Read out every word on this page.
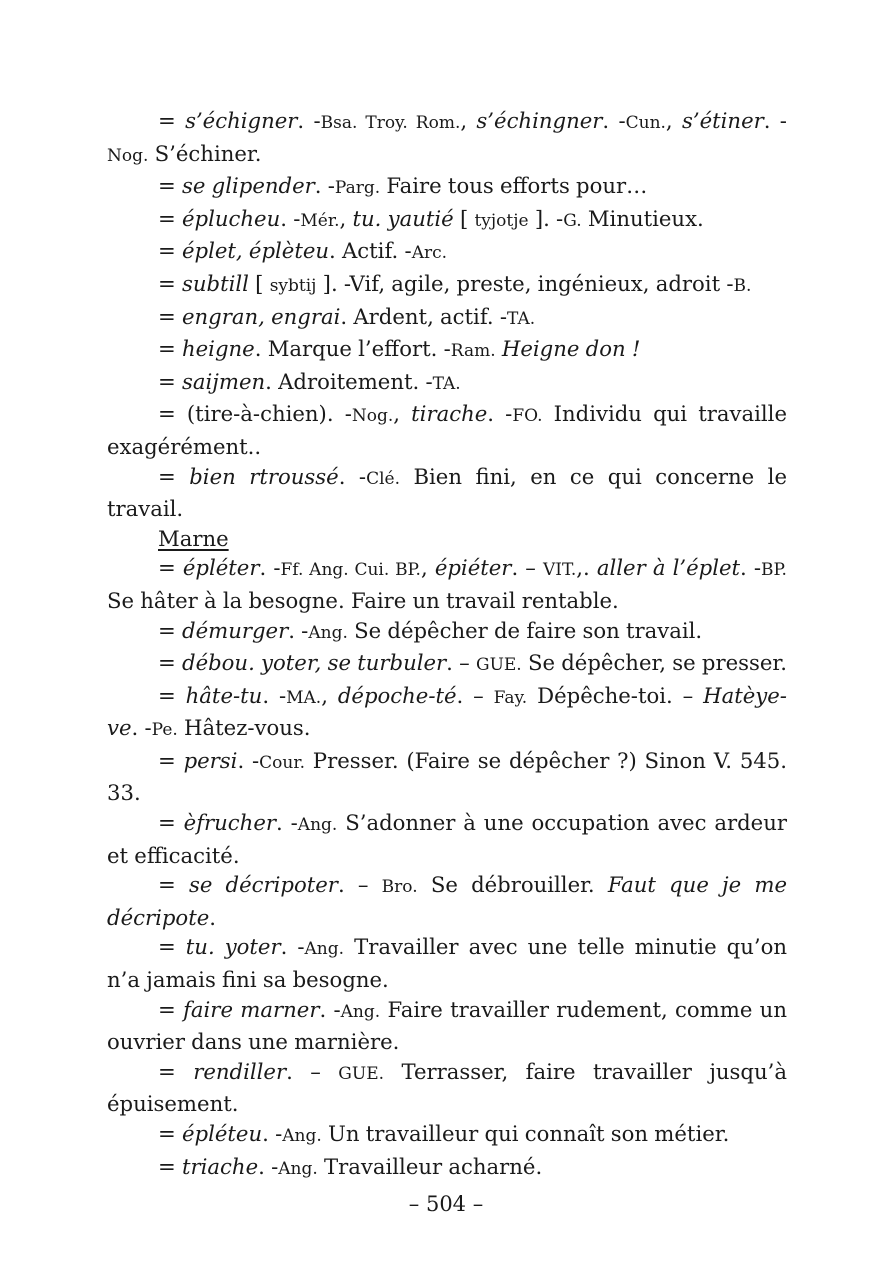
= s’échigner. -Bsa. Troy. Rom., s’échingner. -Cun., s’étiner. -Nog. S’échiner.

= se glipender. -Parg. Faire tous efforts pour…

= éplucheu. -Mér., tu. yautié [ tyjotje ]. -G. Minutieux.

= éplet, éplèteu. Actif. -Arc.

= subtill [ sybtij ]. -Vif, agile, preste, ingénieux, adroit -B.

= engran, engrai. Ardent, actif. -TA.

= heigne. Marque l’effort. -Ram. Heigne don !

= saijmen. Adroitement. -TA.

= (tire-à-chien). -Nog., tirache. -FO. Individu qui travaille exagérément..

= bien rtroussé. -Clé. Bien fini, en ce qui concerne le travail.

Marne

= épléter. -Ff. Ang. Cui. BP., épiéter. – VIT.,. aller à l’éplet. -BP. Se hâter à la besogne. Faire un travail rentable.

= démurger. -Ang. Se dépêcher de faire son travail.

= débou. yoter, se turbuler. – GUE. Se dépêcher, se presser.

= hâte-tu. -MA., dépoche-té. – Fay. Dépêche-toi. – Hatèye-ve. -Pe. Hâtez-vous.

= persi. -Cour. Presser. (Faire se dépêcher ?) Sinon V. 545. 33.

= èfrucher. -Ang. S’adonner à une occupation avec ardeur et efficacité.

= se décripoter. – Bro. Se débrouiller. Faut que je me décripote.

= tu. yoter. -Ang. Travailler avec une telle minutie qu’on n’a jamais fini sa besogne.

= faire marner. -Ang. Faire travailler rudement, comme un ouvrier dans une marnière.

= rendiller. – GUE. Terrasser, faire travailler jusqu’à épuisement.

= épléteu. -Ang. Un travailleur qui connaît son métier.

= triache. -Ang. Travailleur acharné.

– 504 –
